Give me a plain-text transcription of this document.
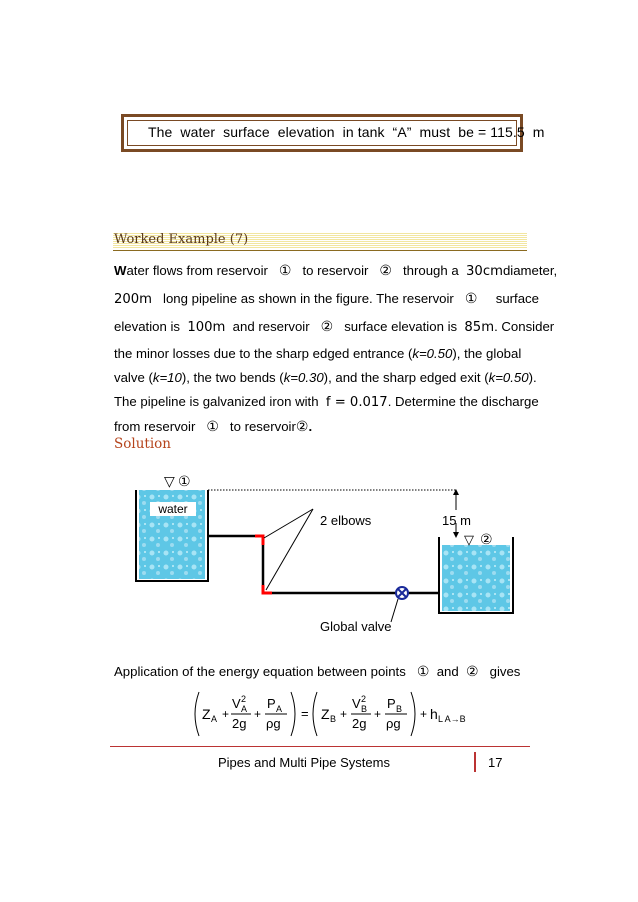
The  water  surface  elevation  in tank  “A”  must  be = 115.5  m
Worked Example (7)
Water flows from reservoir ① to reservoir ② through a 30cmdiameter,
200m long pipeline as shown in the figure. The reservoir ① surface
elevation is 100m and reservoir ② surface elevation is 85m. Consider
the minor losses due to the sharp edged entrance (k=0.50), the global
valve (k=10), the two bends (k=0.30), and the sharp edged exit (k=0.50).
The pipeline is galvanized iron with f = 0.017. Determine the discharge
from reservoir ① to reservoir②.
Solution
water
▽ ①
15 m
▽ ②
2 elbows
Global valve
Application of the energy equation between points ① and ② gives
Z A +
V 2
A
2g
+
P A
ρg
= Z B +
V 2
B
2g
+
P B
ρg
+ h L A→B
Pipes and Multi Pipe Systems	17
